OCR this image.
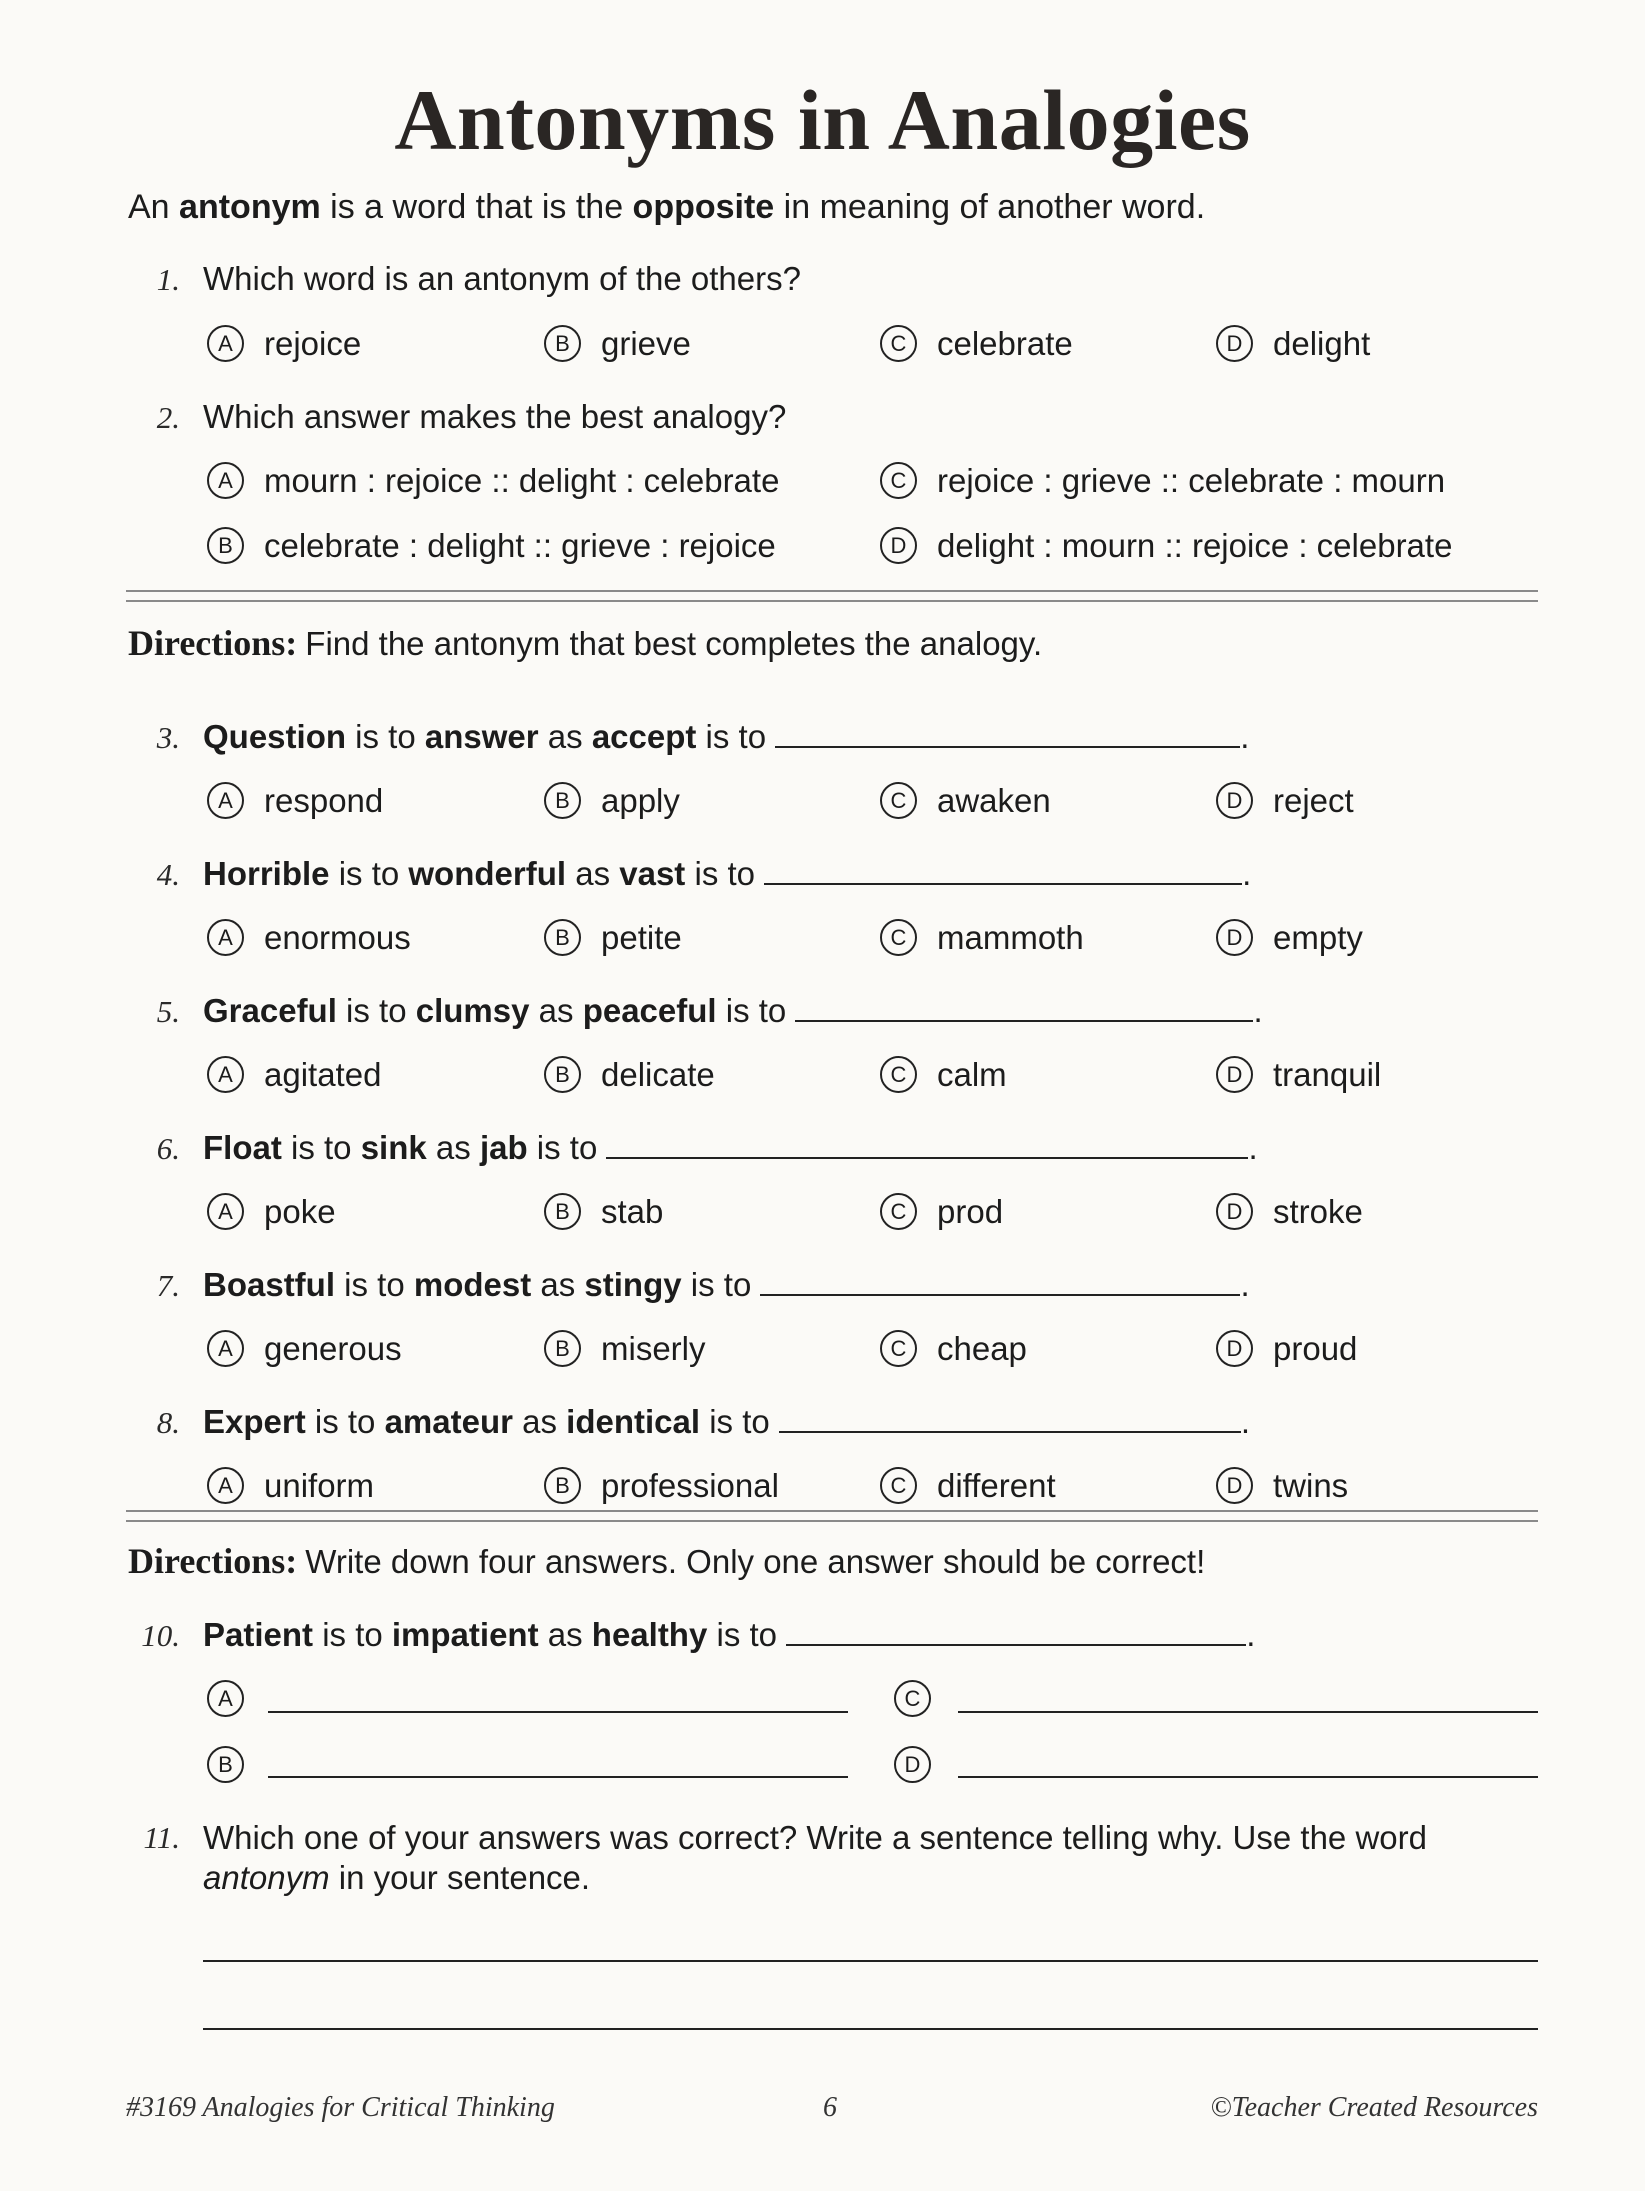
Antonyms in Analogies
An antonym is a word that is the opposite in meaning of another word.
1. Which word is an antonym of the others?
A rejoice	B grieve	C celebrate	D delight
2. Which answer makes the best analogy?
A mourn : rejoice :: delight : celebrate
B celebrate : delight :: grieve : rejoice
C rejoice : grieve :: celebrate : mourn
D delight : mourn :: rejoice : celebrate
Directions: Find the antonym that best completes the analogy.
3. Question is to answer as accept is to	.
A respond	B apply	C awaken	D reject
4. Horrible is to wonderful as vast is to	.
A enormous	B petite	C mammoth	D empty
5. Graceful is to clumsy as peaceful is to	.
A agitated	B delicate	C calm	D tranquil
6. Float is to sink as jab is to	.
A poke	B stab	C prod	D stroke
7. Boastful is to modest as stingy is to	.
A generous	B miserly	C cheap	D proud
8. Expert is to amateur as identical is to	.
A uniform	B professional	C different	D twins
Directions: Write down four answers. Only one answer should be correct!
10. Patient is to impatient as healthy is to	.
A	C
B	D
11. Which one of your answers was correct? Write a sentence telling why. Use the word
antonym in your sentence.
#3169 Analogies for Critical Thinking	6	©Teacher Created Resources
